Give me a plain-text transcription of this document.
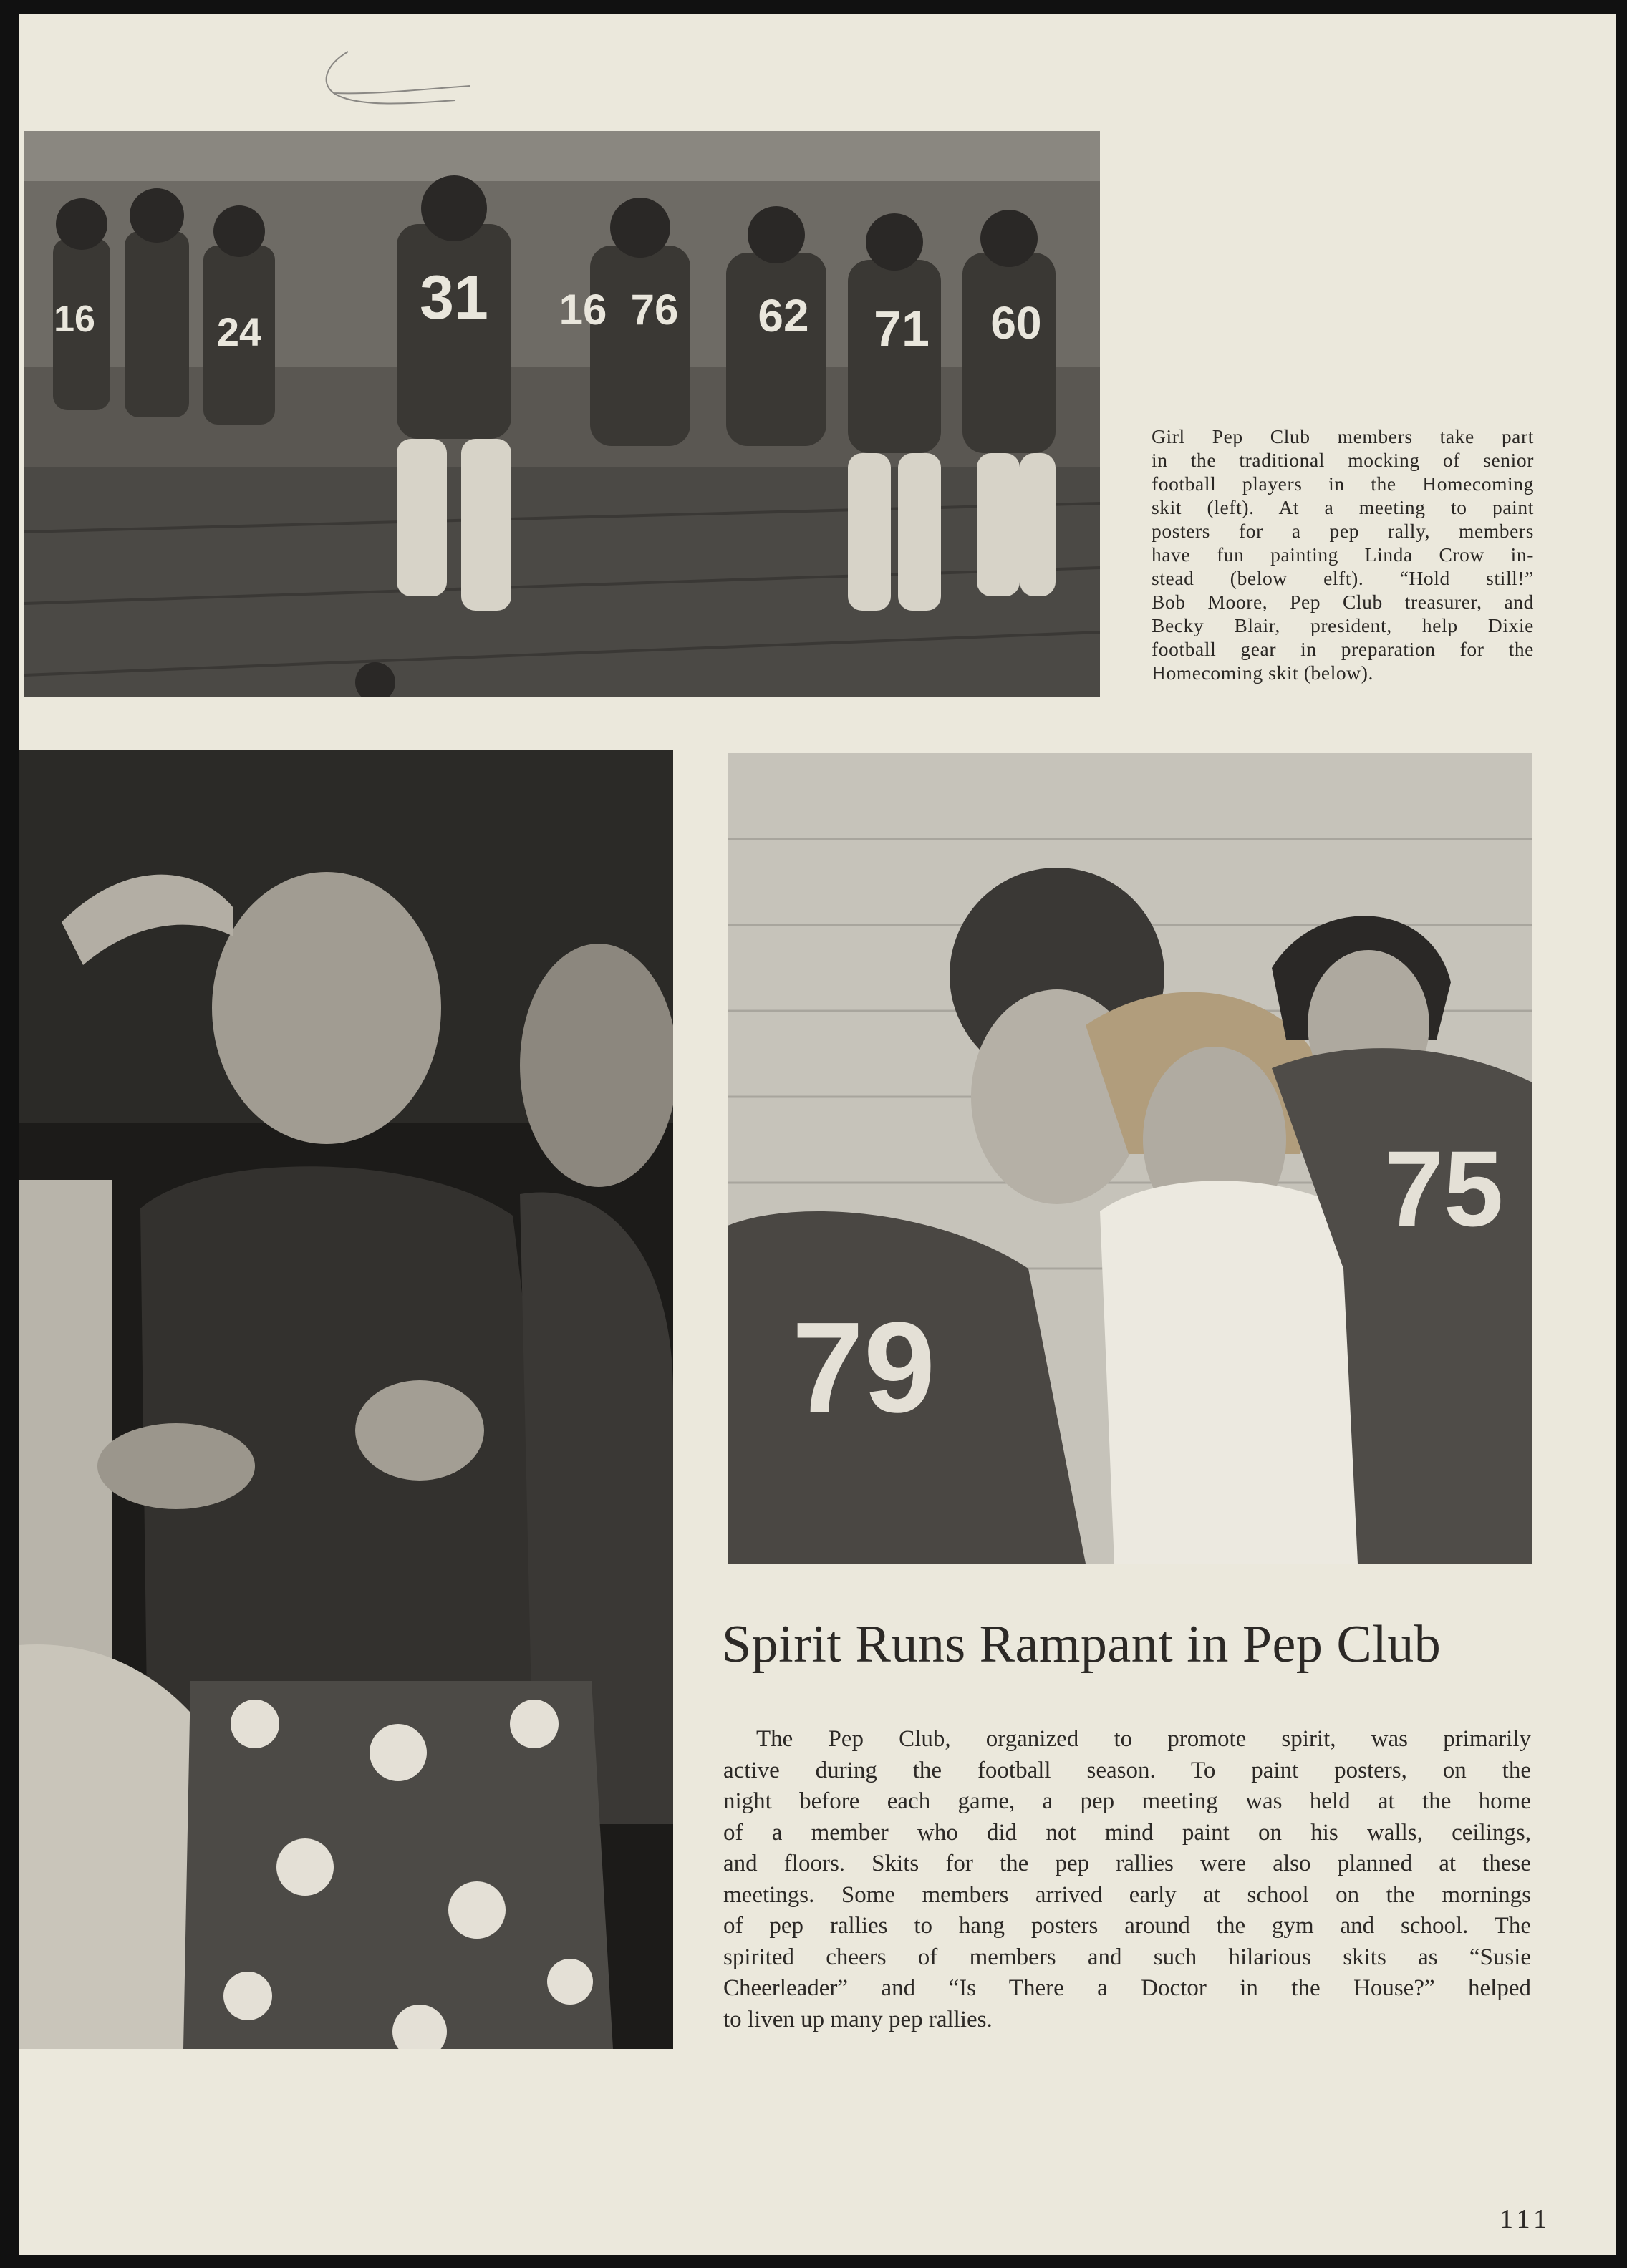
16	24	31 16 76 62 71 60
Girl Pep Club members take part
in the traditional mocking of senior
football players in the Homecoming
skit (left). At a meeting to paint
posters for a pep rally, members
have fun painting Linda Crow in-
stead (below elft). “Hold still!”
Bob Moore, Pep Club treasurer, and
Becky Blair, president, help Dixie
football gear in preparation for the
Homecoming skit (below).
79
75
Spirit Runs Rampant in Pep Club
The Pep Club, organized to promote spirit, was primarily
active during the football season. To paint posters, on the
night before each game, a pep meeting was held at the home
of a member who did not mind paint on his walls, ceilings,
and floors. Skits for the pep rallies were also planned at these
meetings. Some members arrived early at school on the mornings
of pep rallies to hang posters around the gym and school. The
spirited cheers of members and such hilarious skits as “Susie
Cheerleader” and “Is There a Doctor in the House?” helped
to liven up many pep rallies.
111
